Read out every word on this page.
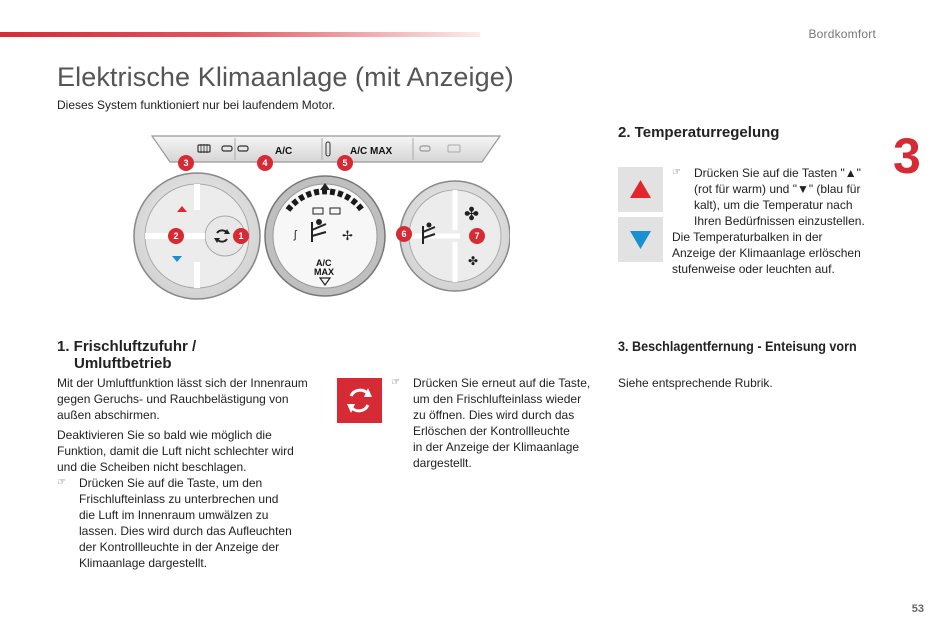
Bordkomfort
3
Elektrische Klimaanlage (mit Anzeige)

Dieses System funktioniert nur bei laufendem Motor.

A/C	A/C MAX
ʃ	✢
A/C
MAX
✤
✤
1
2
3	4	5
6	7
2. Temperaturregelung
☞ Drücken Sie auf die Tasten "▲"
(rot für warm) und "▼" (blau für
kalt), um die Temperatur nach
Ihren Bedürfnissen einzustellen.
Die Temperaturbalken in der
Anzeige der Klimaanlage erlöschen
stufenweise oder leuchten auf.
1. Frischluftzufuhr /
Umluftbetrieb
Mit der Umluftfunktion lässt sich der Innenraum
gegen Geruchs- und Rauchbelästigung von
außen abschirmen.
Deaktivieren Sie so bald wie möglich die
Funktion, damit die Luft nicht schlechter wird
und die Scheiben nicht beschlagen.
☞ Drücken Sie auf die Taste, um den
Frischlufteinlass zu unterbrechen und
die Luft im Innenraum umwälzen zu
lassen. Dies wird durch das Aufleuchten
der Kontrollleuchte in der Anzeige der
Klimaanlage dargestellt.
☞ Drücken Sie erneut auf die Taste,
um den Frischlufteinlass wieder
zu öffnen. Dies wird durch das
Erlöschen der Kontrollleuchte
in der Anzeige der Klimaanlage
dargestellt.
3. Beschlagentfernung - Enteisung vorn
Siehe entsprechende Rubrik.
53
